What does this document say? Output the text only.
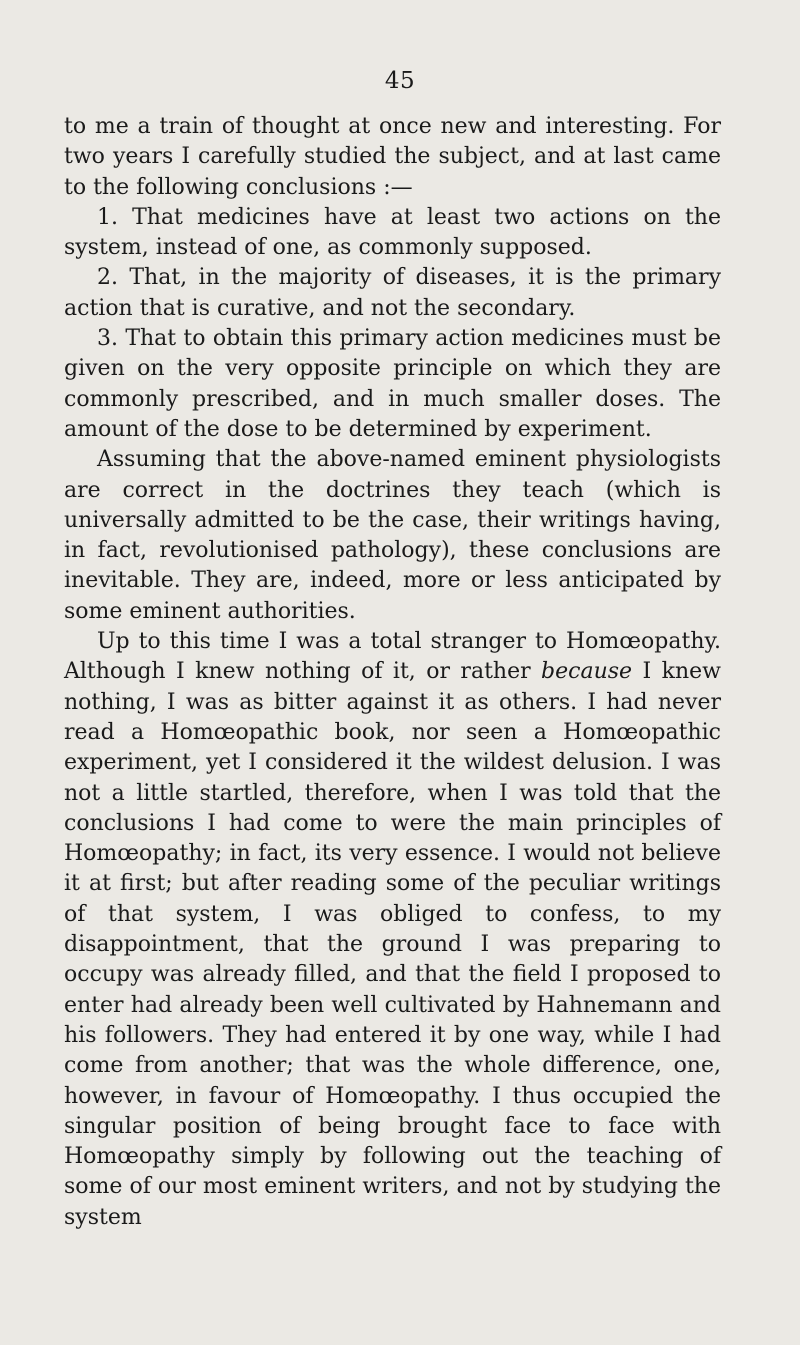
45

to me a train of thought at once new and interesting. For two years I carefully studied the subject, and at last came to the following conclusions :—

1. That medicines have at least two actions on the system, instead of one, as commonly supposed.

2. That, in the majority of diseases, it is the primary action that is curative, and not the secondary.

3. That to obtain this primary action medicines must be given on the very opposite principle on which they are commonly prescribed, and in much smaller doses. The amount of the dose to be determined by experiment.

Assuming that the above-named eminent physiologists are correct in the doctrines they teach (which is universally admitted to be the case, their writings having, in fact, revolutionised pathology), these conclusions are inevitable. They are, indeed, more or less anticipated by some eminent authorities.

Up to this time I was a total stranger to Homœopathy. Although I knew nothing of it, or rather because I knew nothing, I was as bitter against it as others. I had never read a Homœopathic book, nor seen a Homœopathic experiment, yet I considered it the wildest delusion. I was not a little startled, therefore, when I was told that the conclusions I had come to were the main principles of Homœopathy; in fact, its very essence. I would not believe it at first; but after reading some of the peculiar writings of that system, I was obliged to confess, to my disappointment, that the ground I was preparing to occupy was already filled, and that the field I proposed to enter had already been well cultivated by Hahnemann and his followers. They had entered it by one way, while I had come from another; that was the whole difference, one, however, in favour of Homœopathy. I thus occupied the singular position of being brought face to face with Homœopathy simply by following out the teaching of some of our most eminent writers, and not by studying the system
